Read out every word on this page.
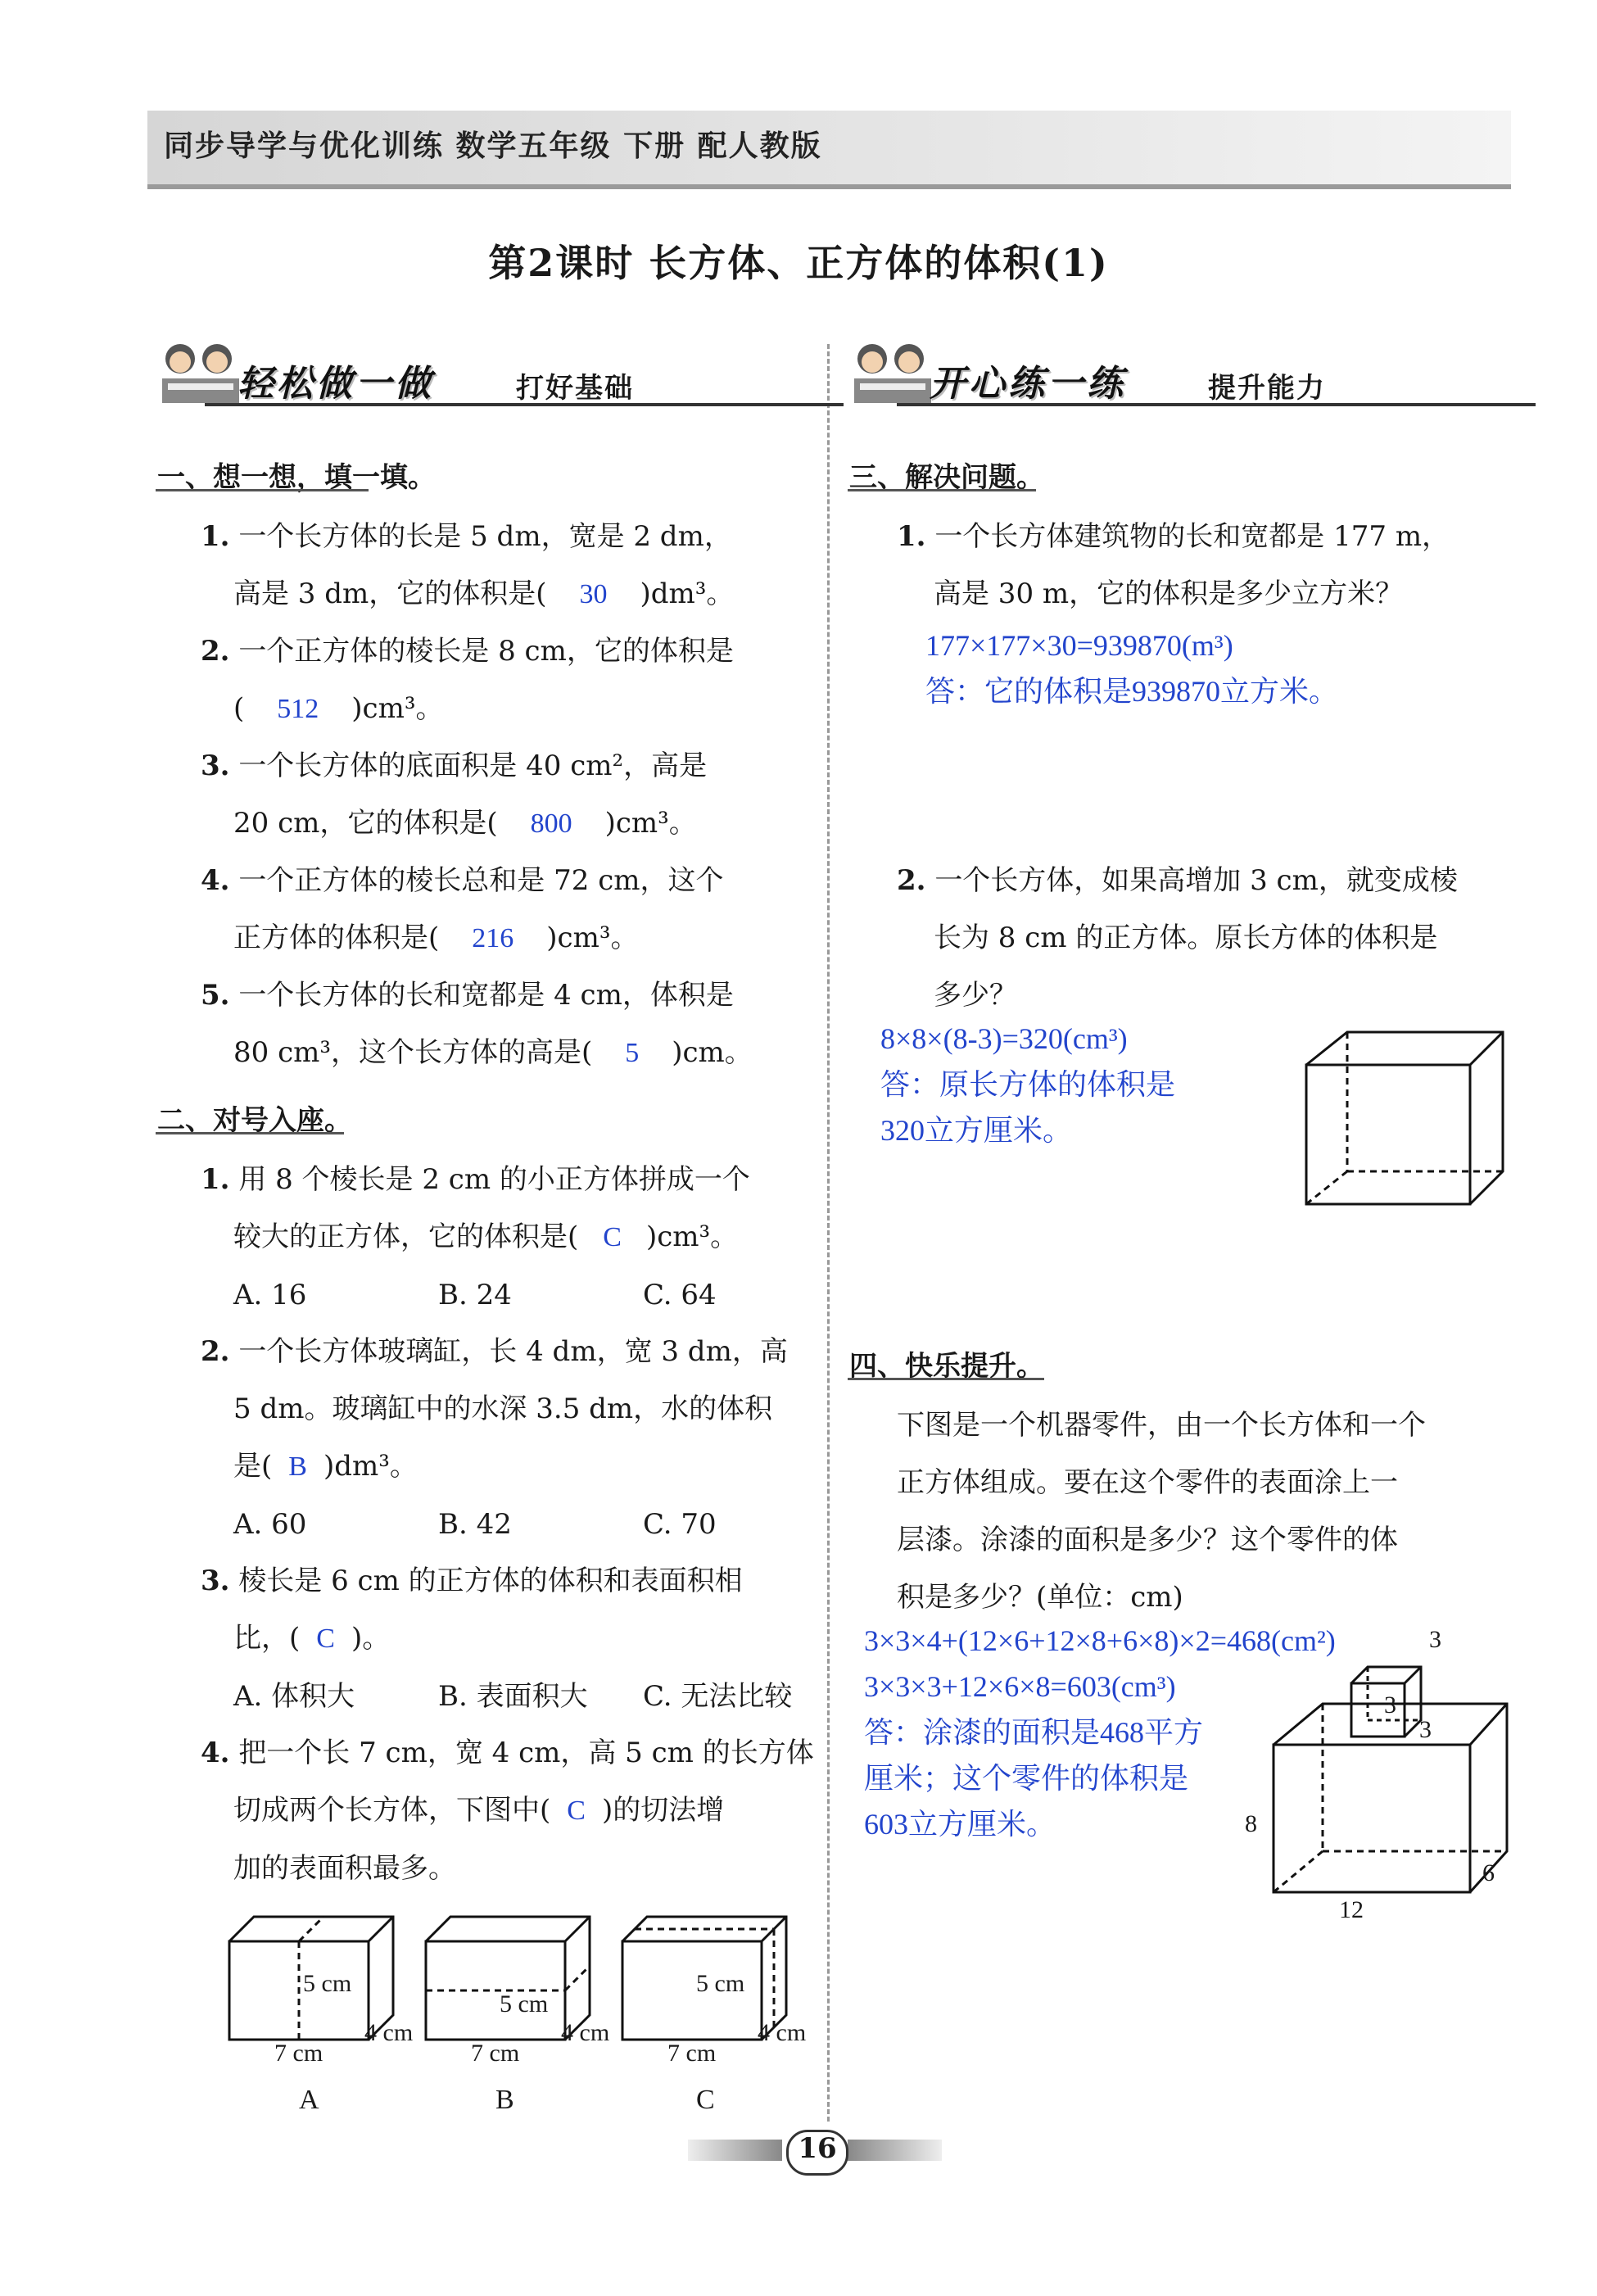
同步导学与优化训练 数学五年级 下册 配人教版
第2课时 长方体、正方体的体积(1)
轻松做一做	打好基础
一、想一想，填一填。
1. 一个长方体的长是 5 dm，宽是 2 dm，
高是 3 dm，它的体积是( 30 )dm³。
2. 一个正方体的棱长是 8 cm，它的体积是
( 512 )cm³。
3. 一个长方体的底面积是 40 cm²，高是
20 cm，它的体积是( 800 )cm³。
4. 一个正方体的棱长总和是 72 cm，这个
正方体的体积是( 216 )cm³。
5. 一个长方体的长和宽都是 4 cm，体积是
80 cm³，这个长方体的高是( 5 )cm。
二、对号入座。
1. 用 8 个棱长是 2 cm 的小正方体拼成一个
较大的正方体，它的体积是( C )cm³。
A. 16	B. 24	C. 64
2. 一个长方体玻璃缸，长 4 dm，宽 3 dm，高
5 dm。玻璃缸中的水深 3.5 dm，水的体积
是( B )dm³。
A. 60	B. 42	C. 70
3. 棱长是 6 cm 的正方体的体积和表面积相
比，( C )。
A. 体积大	B. 表面积大	C. 无法比较
4. 把一个长 7 cm，宽 4 cm，高 5 cm 的长方体
切成两个长方体，下图中( C )的切法增
加的表面积最多。
5 cm
7 cm
4 cm
5 cm
7 cm
4 cm
5 cm
7 cm
4 cm
A	B	C
开心练一练	提升能力
三、解决问题。
1. 一个长方体建筑物的长和宽都是 177 m，
高是 30 m，它的体积是多少立方米？
177×177×30=939870(m³)
答：它的体积是939870立方米。
2. 一个长方体，如果高增加 3 cm，就变成棱
长为 8 cm 的正方体。原长方体的体积是
多少？
8×8×(8-3)=320(cm³)
答：原长方体的体积是
320立方厘米。
四、快乐提升。
下图是一个机器零件，由一个长方体和一个
正方体组成。要在这个零件的表面涂上一
层漆。涂漆的面积是多少？这个零件的体
积是多少？(单位：cm)
3×3×4+(12×6+12×8+6×8)×2=468(cm²)
3×3×3+12×6×8=603(cm³)
答：涂漆的面积是468平方
厘米；这个零件的体积是
603立方厘米。
3
3
3
8
6
12
16
